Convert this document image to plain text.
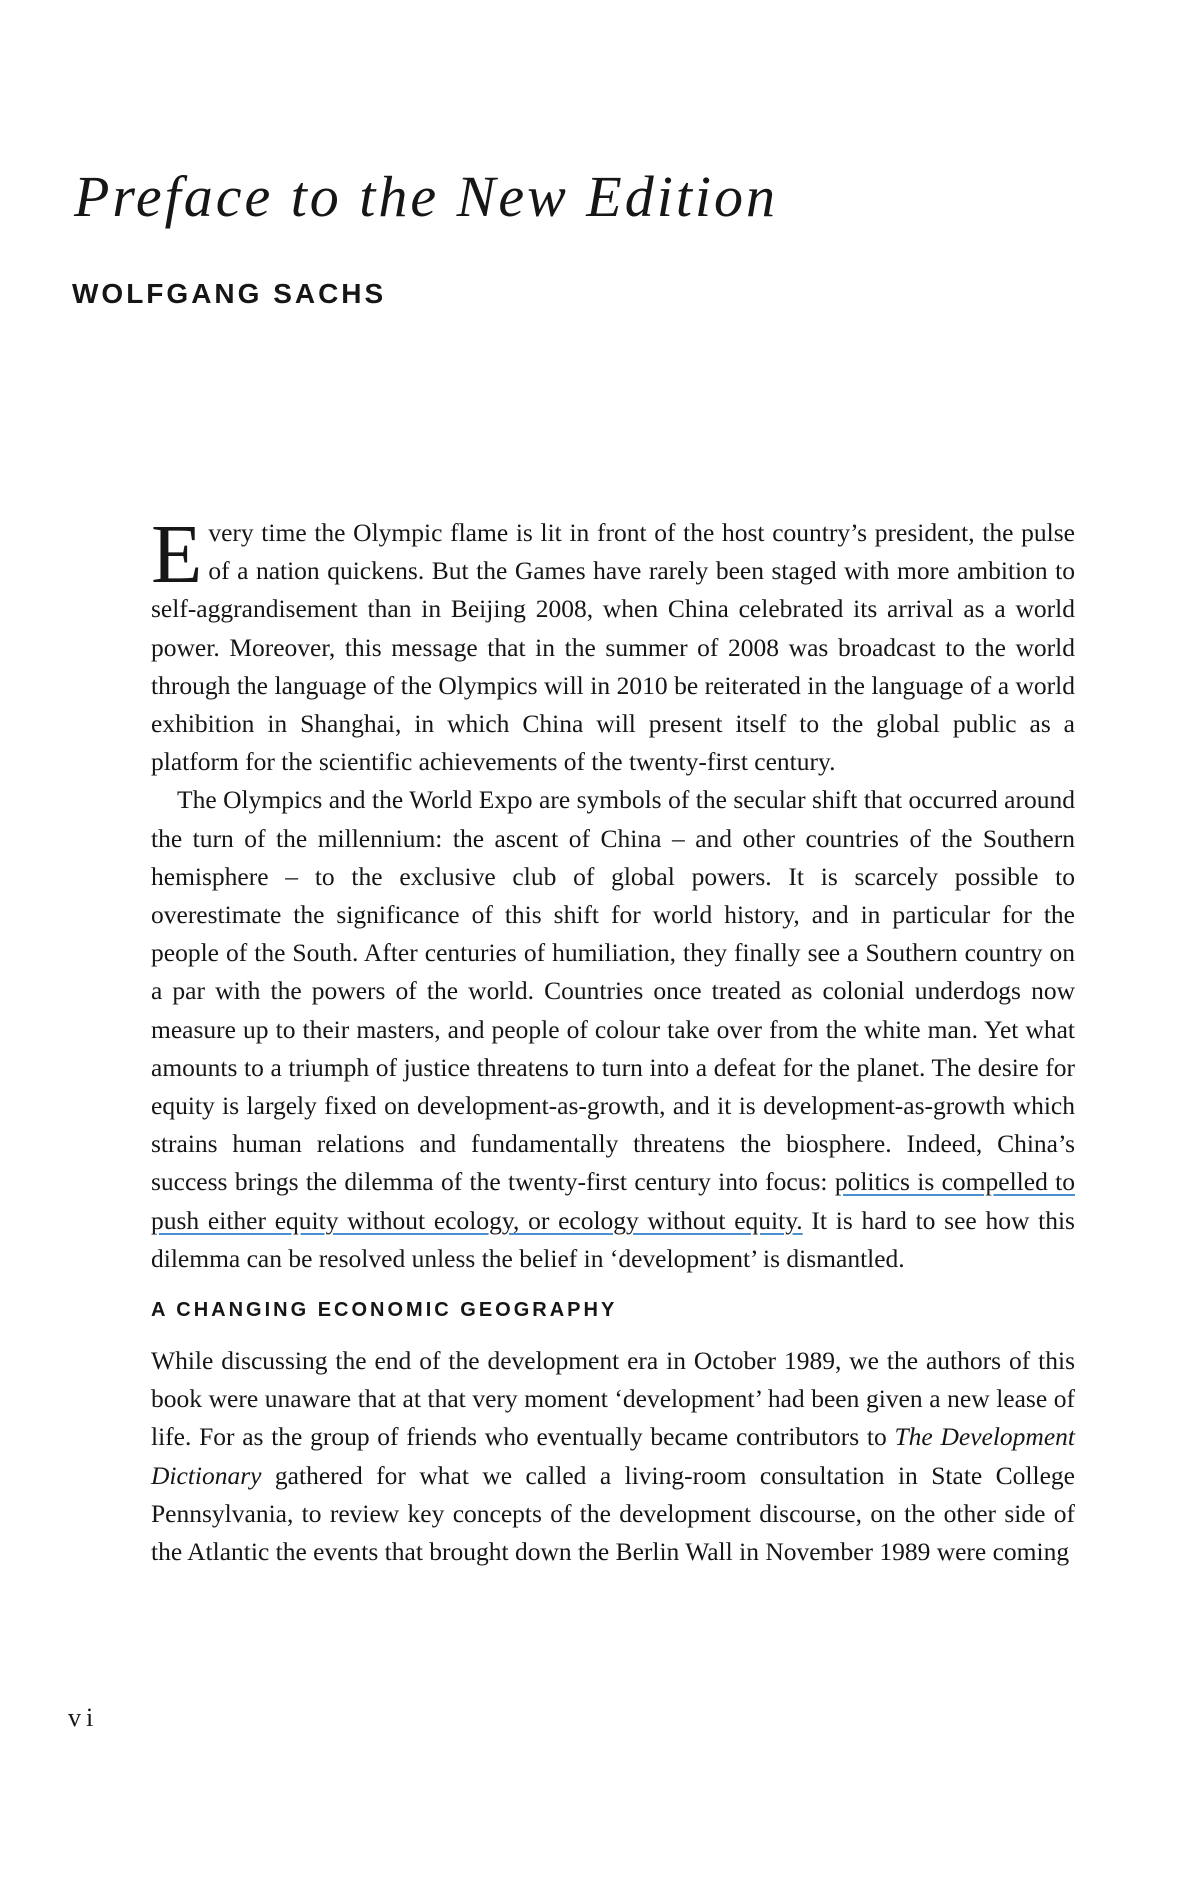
Preface to the New Edition
WOLFGANG SACHS

Every time the Olympic flame is lit in front of the host country’s president, the pulse of a nation quickens. But the Games have rarely been staged with more ambition to self-aggrandisement than in Beijing 2008, when China celebrated its arrival as a world power. Moreover, this message that in the summer of 2008 was broadcast to the world through the language of the Olympics will in 2010 be reiterated in the language of a world exhibition in Shanghai, in which China will present itself to the global public as a platform for the scientific achievements of the twenty-first century.

The Olympics and the World Expo are symbols of the secular shift that occurred around the turn of the millennium: the ascent of China – and other countries of the Southern hemisphere – to the exclusive club of global powers. It is scarcely possible to overestimate the significance of this shift for world history, and in particular for the people of the South. After centuries of humiliation, they finally see a Southern country on a par with the powers of the world. Countries once treated as colonial underdogs now measure up to their masters, and people of colour take over from the white man. Yet what amounts to a triumph of justice threatens to turn into a defeat for the planet. The desire for equity is largely fixed on development-as-growth, and it is development-as-growth which strains human relations and fundamentally threatens the biosphere. Indeed, China’s success brings the dilemma of the twenty-first century into focus: politics is compelled to push either equity without ecology, or ecology without equity. It is hard to see how this dilemma can be resolved unless the belief in ‘development’ is dismantled.

A CHANGING ECONOMIC GEOGRAPHY

While discussing the end of the development era in October 1989, we the authors of this book were unaware that at that very moment ‘development’ had been given a new lease of life. For as the group of friends who eventually became contributors to The Development Dictionary gathered for what we called a living-room consultation in State College Pennsylvania, to review key concepts of the development discourse, on the other side of the Atlantic the events that brought down the Berlin Wall in November 1989 were coming

vi
